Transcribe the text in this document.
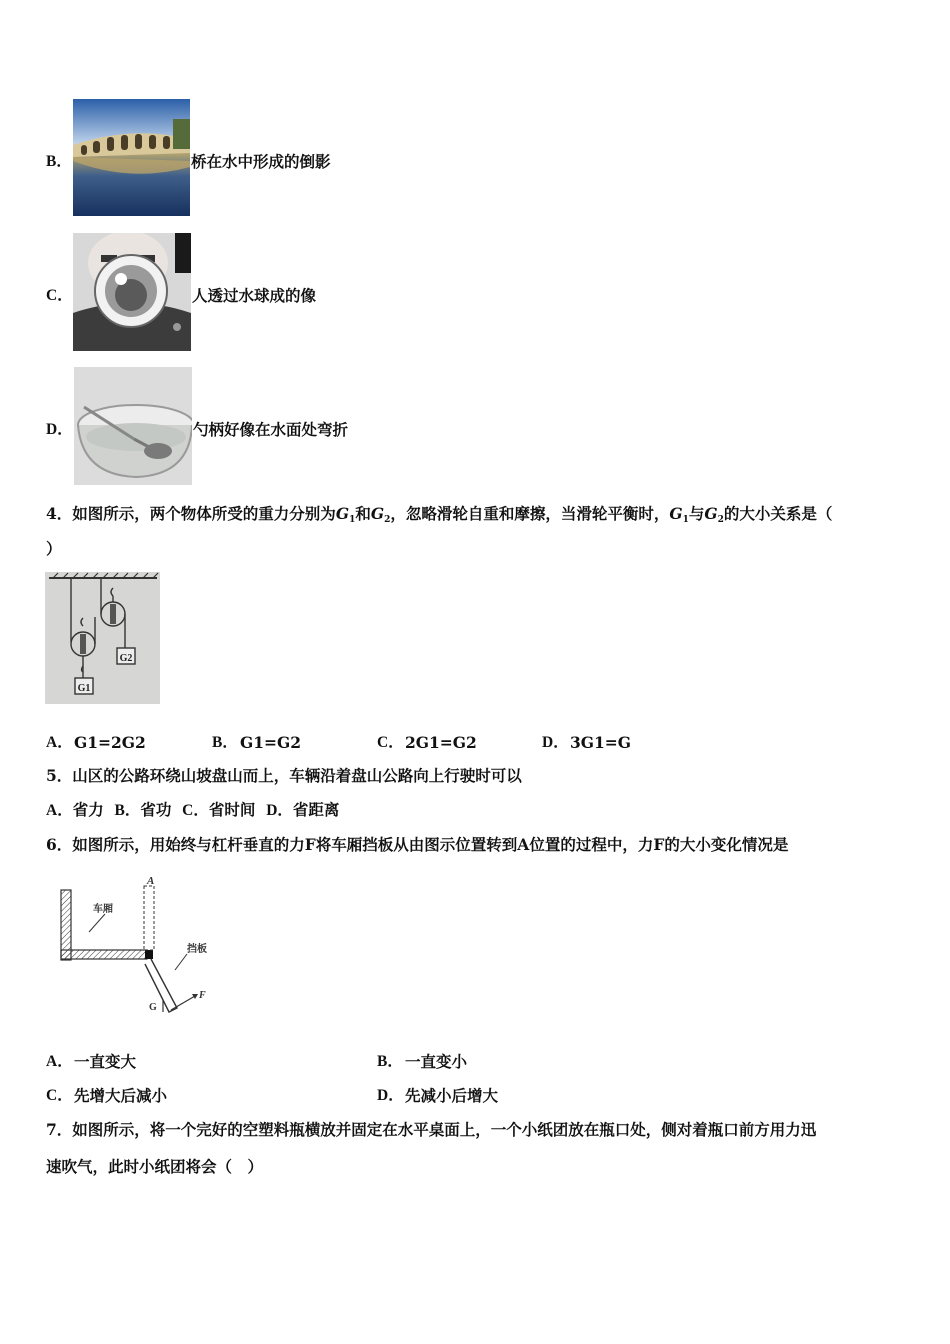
B．	桥在水中形成的倒影
C．	人透过水球成的像
D．	勺柄好像在水面处弯折
4．如图所示，两个物体所受的重力分别为$G_1$和$G_2$，忽略滑轮自重和摩擦，当滑轮平衡时，$G_1$与$G_2$的大小关系是（
）
G2
G1
A． G1=2G2	B． G1=G2	C． 2G1=G2	D． 3G1=G
5．山区的公路环绕山坡盘山而上，车辆沿着盘山公路向上行驶时可以
A．省力 B．省功 C．省时间 D．省距离
6．如图所示，用始终与杠杆垂直的力F将车厢挡板从由图示位置转到A位置的过程中，力F的大小变化情况是
A
车厢
挡板
G
F
A． 一直变大	B． 一直变小
C． 先增大后减小	D． 先减小后增大
7．如图所示，将一个完好的空塑料瓶横放并固定在水平桌面上，一个小纸团放在瓶口处，侧对着瓶口前方用力迅
速吹气，此时小纸团将会（　）
